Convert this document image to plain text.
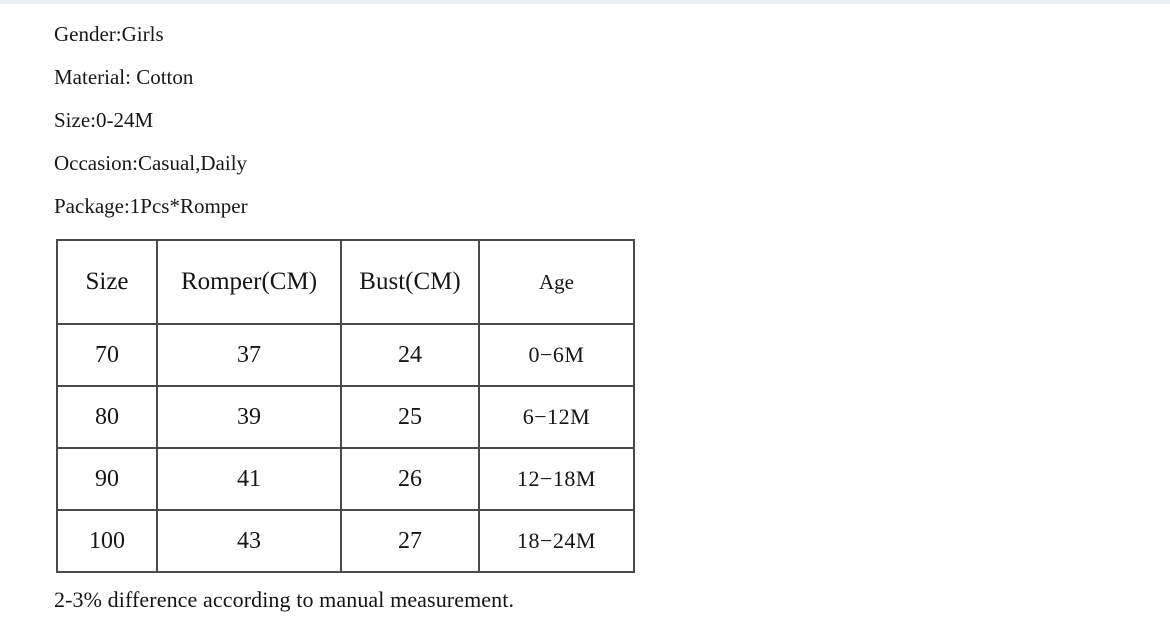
Gender:Girls
Material: Cotton
Size:0-24M
Occasion:Casual,Daily
Package:1Pcs*Romper
Size	Romper(CM)	Bust(CM)	Age
70	37	24	0−6M
80	39	25	6−12M
90	41	26	12−18M
100	43	27	18−24M
2-3% difference according to manual measurement.
